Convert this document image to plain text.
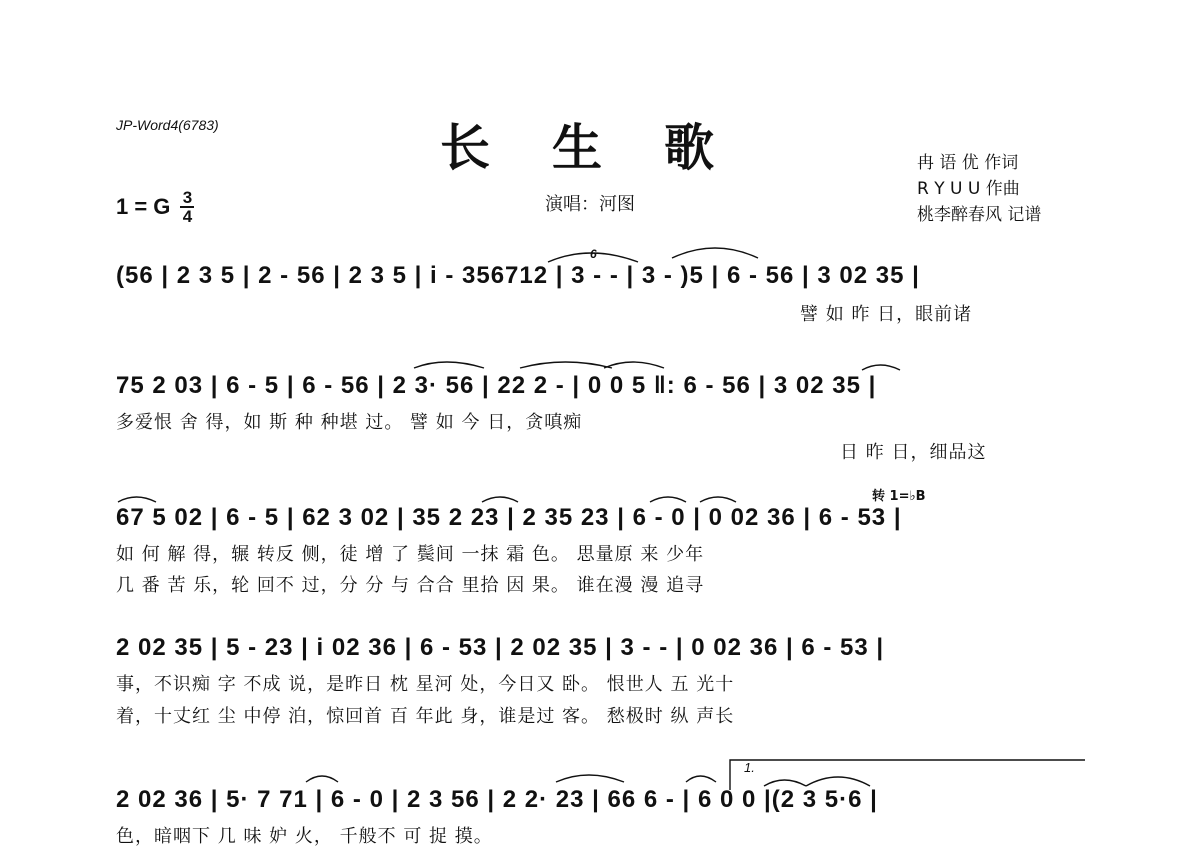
JP-Word4(6783)	长生歌	冉 语 优 作词
R Y U U 作曲
桃李醉春风 记谱
1 = G 3
4
演唱：河图
(56 | 2 3 5 | 2 - 56 | 2 3 5 | i - 356712 | 3 - - | 3 - )5 | 6 - 56 | 3 02 35 |
譬 如 昨 日，眼前诸
75 2 03 | 6 - 5 | 6 - 56 | 2 3· 56 | 22 2 - | 0 0 5 ‖: 6 - 56 | 3 02 35 |
多爱恨 舍 得，如 斯 种 种堪 过。 譬 如 今 日，贪嗔痴
日 昨 日，细品这
转 1=♭B
67 5 02 | 6 - 5 | 62 3 02 | 35 2 23 | 2 35 23 | 6 - 0 | 0 02 36 | 6 - 53 |
如 何 解 得，辗 转反 侧，徒 增 了 鬓间 一抹 霜 色。 思量原 来 少年
几 番 苦 乐，轮 回不 过，分 分 与 合合 里拾 因 果。 谁在漫 漫 追寻
2 02 35 | 5 - 23 | i 02 36 | 6 - 53 | 2 02 35 | 3 - - | 0 02 36 | 6 - 53 |
事，不识痴 字 不成 说，是昨日 枕 星河 处，今日又 卧。 恨世人 五 光十
着，十丈红 尘 中停 泊，惊回首 百 年此 身，谁是过 客。 愁极时 纵 声长
1.
2 02 36 | 5· 7 71 | 6 - 0 | 2 3 56 | 2 2· 23 | 66 6 - | 6 0 0 |(2 3 5·6 |
色，暗咽下 几 味 妒 火， 千般不 可 捉 摸。
6
